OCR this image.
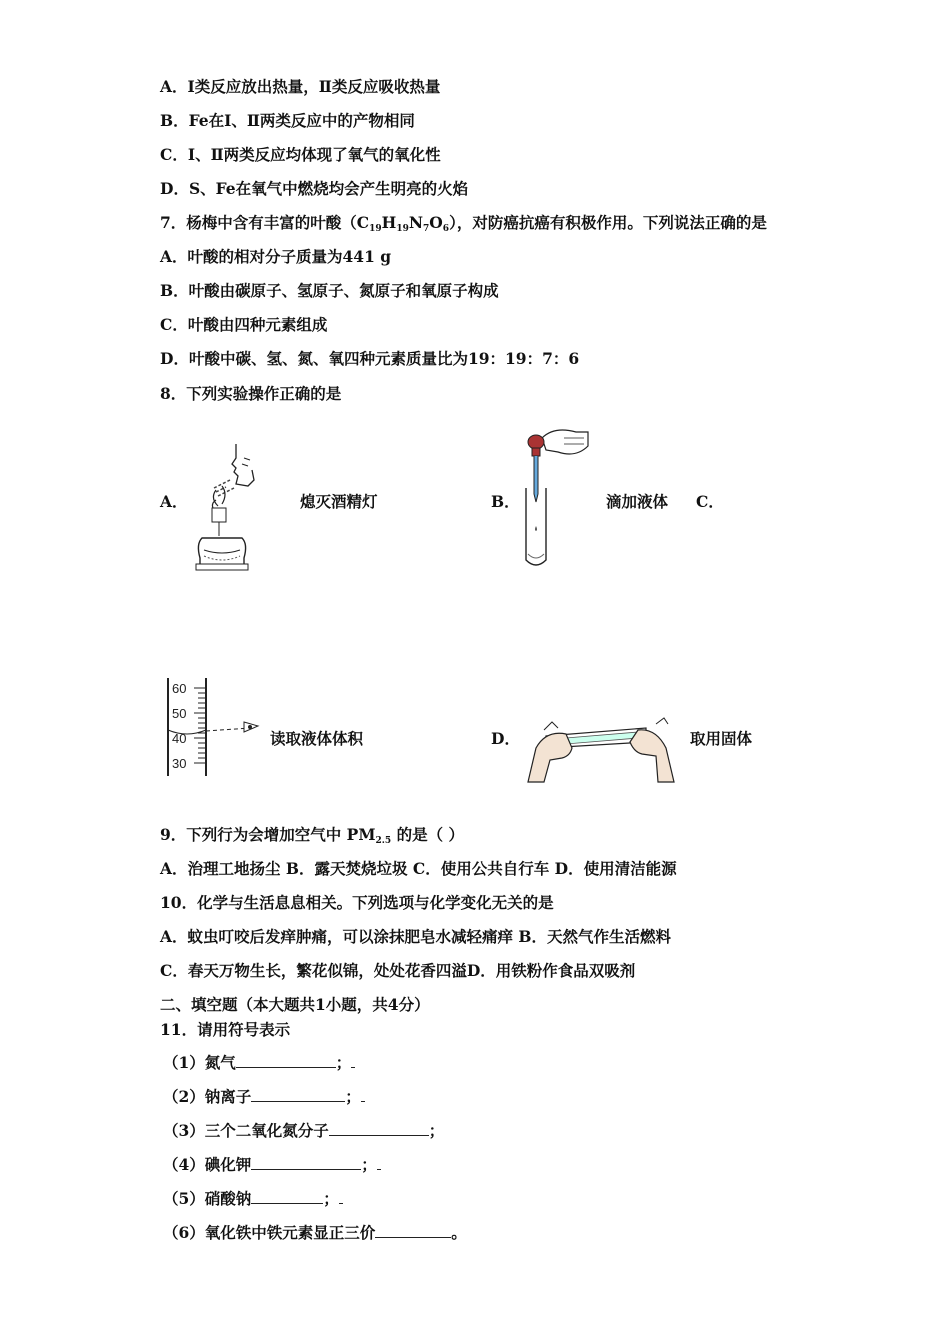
A．Ⅰ类反应放出热量，Ⅱ类反应吸收热量
B．Fe在Ⅰ、Ⅱ两类反应中的产物相同
C．Ⅰ、Ⅱ两类反应均体现了氧气的氧化性
D．S、Fe在氧气中燃烧均会产生明亮的火焰
7．杨梅中含有丰富的叶酸$(C_{19}H_{19}N_7O_6)$，对防癌抗癌有积极作用。下列说法正确的是
A．叶酸的相对分子质量为441 g
B．叶酸由碳原子、氢原子、氮原子和氧原子构成
C．叶酸由四种元素组成
D．叶酸中碳、氢、氮、氧四种元素质量比为19：19：7：6
8．下列实验操作正确的是
A．	熄灭酒精灯	B．	滴加液体 C．
60
50
40
30
读取液体体积	D．	取用固体
9．下列行为会增加空气中 $PM_{2.5}$ 的是（ ）
A．治理工地扬尘 B．露天焚烧垃圾 C．使用公共自行车 D．使用清洁能源
10．化学与生活息息相关。下列选项与化学变化无关的是
A．蚊虫叮咬后发痒肿痛，可以涂抹肥皂水减轻痛痒 B．天然气作生活燃料
C．春天万物生长，繁花似锦，处处花香四溢D．用铁粉作食品双吸剂
二、填空题（本大题共1小题，共4分）
11．请用符号表示
（1）氮气	；
（2）钠离子	；
（3）三个二氧化氮分子	；
（4）碘化钾	；
（5）硝酸钠	；
（6）氧化铁中铁元素显正三价	。
